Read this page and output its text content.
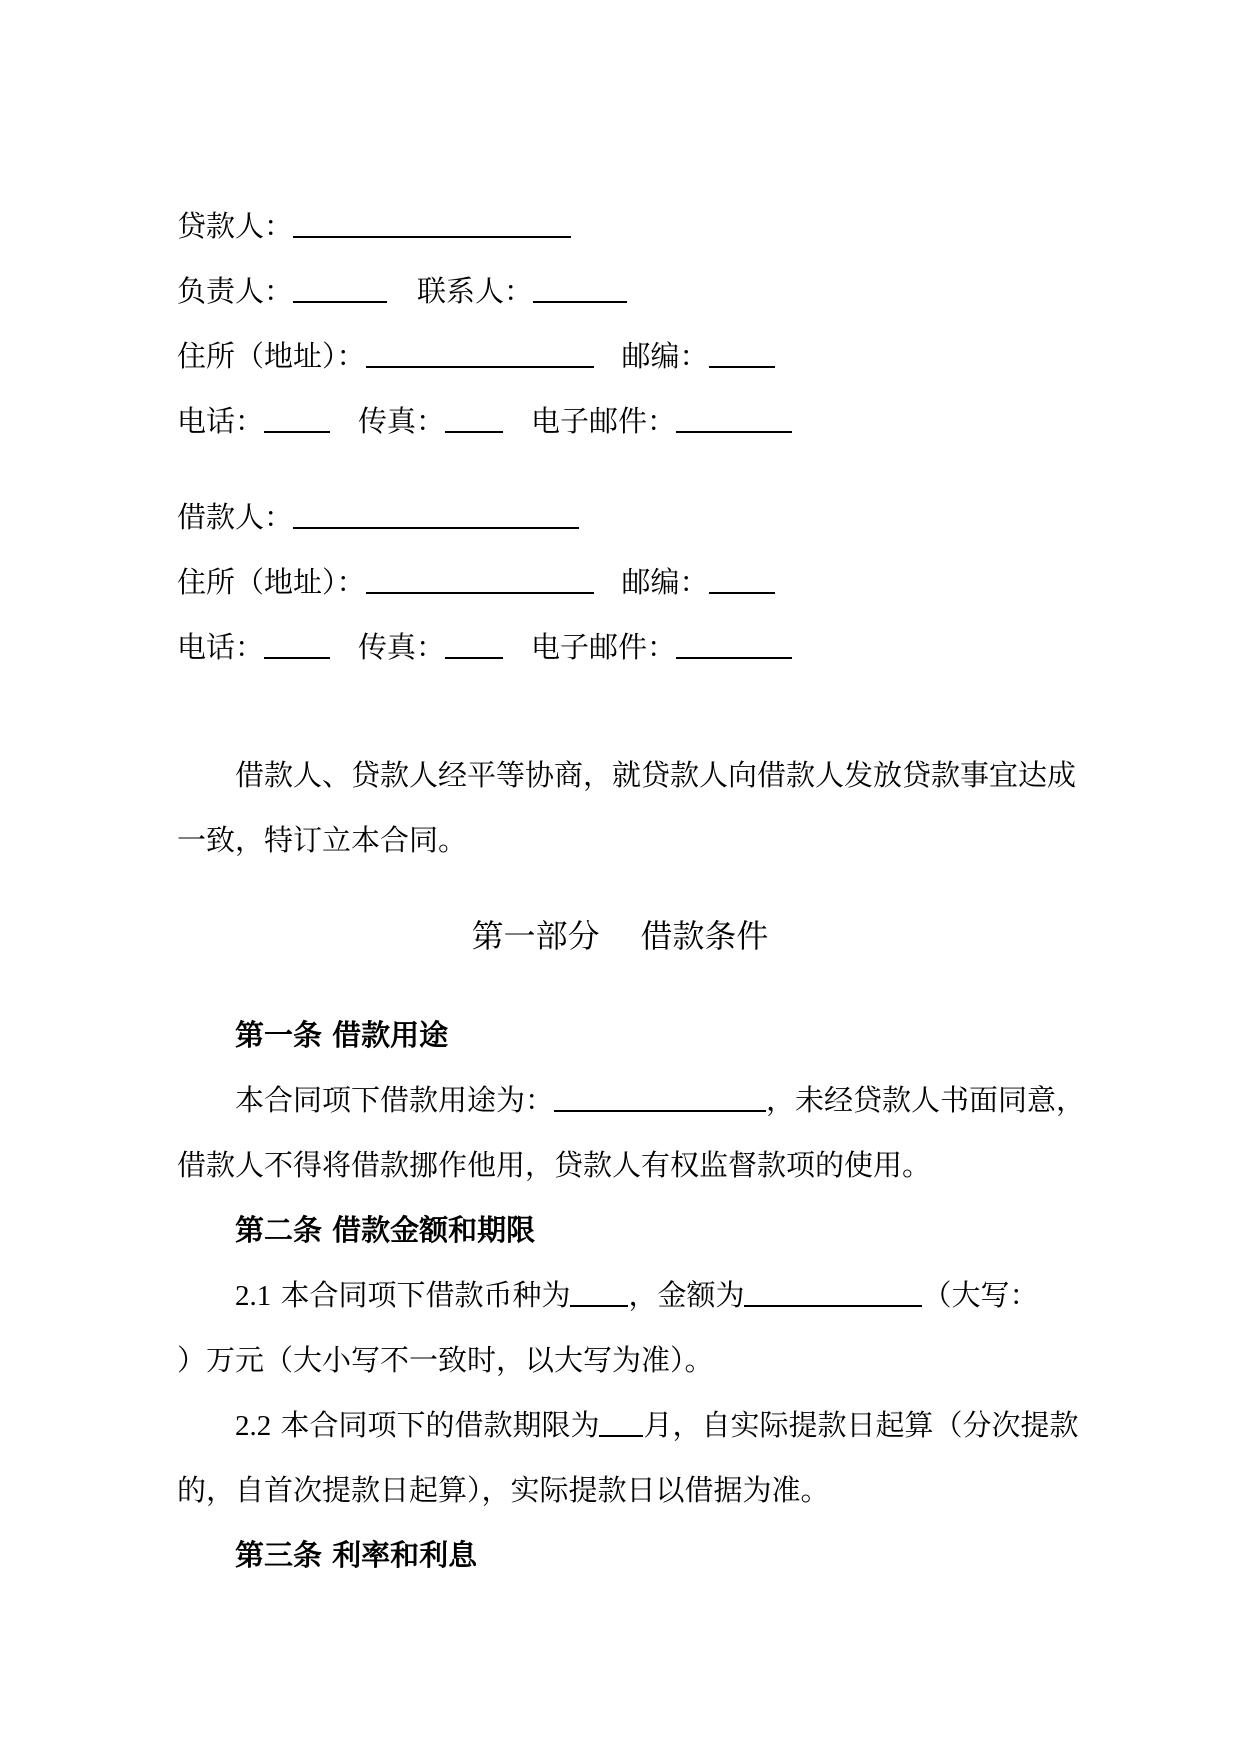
贷款人：
负责人：	联系人：
住所（地址）：	邮编：
电话：	传真：	电子邮件：
借款人：
住所（地址）：	邮编：
电话：	传真：	电子邮件：
借款人、贷款人经平等协商，就贷款人向借款人发放贷款事宜达成
一致，特订立本合同。
第一部分    借款条件
第一条 借款用途
本合同项下借款用途为：	，未经贷款人书面同意，
借款人不得将借款挪作他用，贷款人有权监督款项的使用。
第二条 借款金额和期限
2.1 本合同项下借款币种为 ，金额为	（大写：
）万元（大小写不一致时，以大写为准）。
2.2 本合同项下的借款期限为 月，自实际提款日起算（分次提款
的，自首次提款日起算），实际提款日以借据为准。
第三条 利率和利息
